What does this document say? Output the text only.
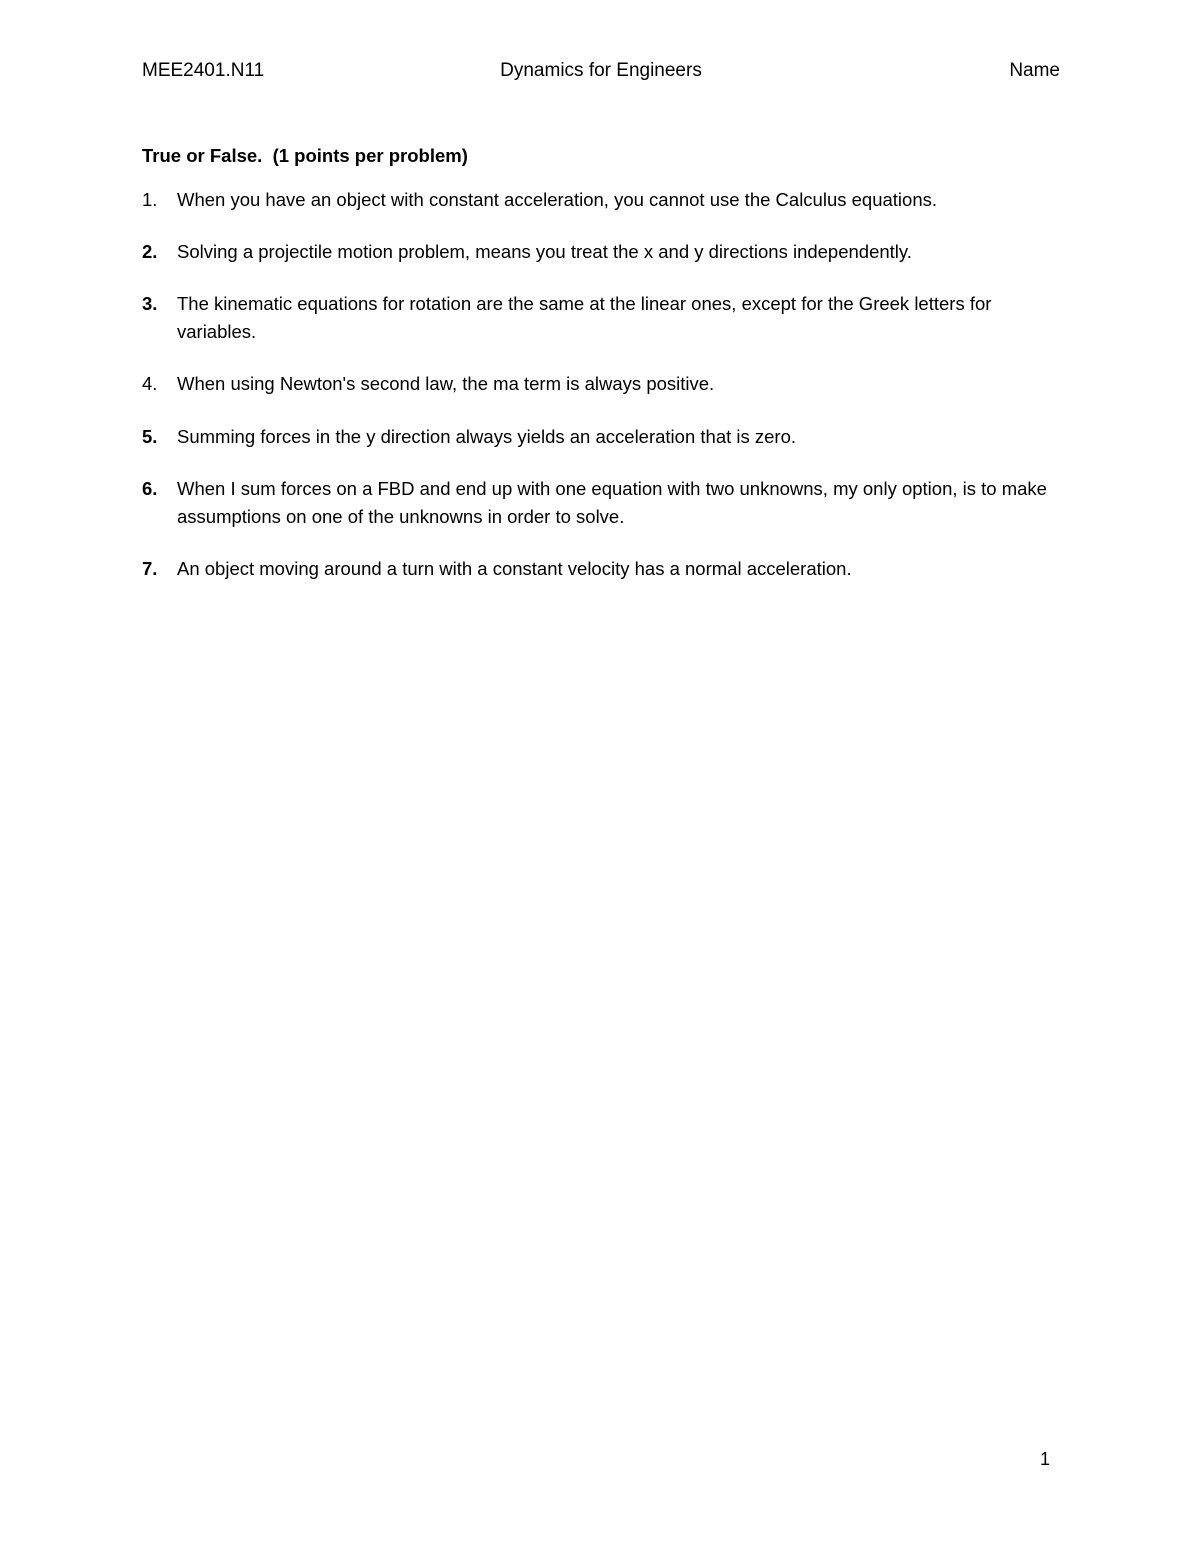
MEE2401.N11	Dynamics for Engineers	Name
True or False.  (1 points per problem)
1.	When you have an object with constant acceleration, you cannot use the Calculus equations.
2.	Solving a projectile motion problem, means you treat the x and y directions independently.
3.	The kinematic equations for rotation are the same at the linear ones, except for the Greek letters for variables.
4.	When using Newton's second law, the ma term is always positive.
5.	Summing forces in the y direction always yields an acceleration that is zero.
6.	When I sum forces on a FBD and end up with one equation with two unknowns, my only option, is to make assumptions on one of the unknowns in order to solve.
7.	An object moving around a turn with a constant velocity has a normal acceleration.
1
